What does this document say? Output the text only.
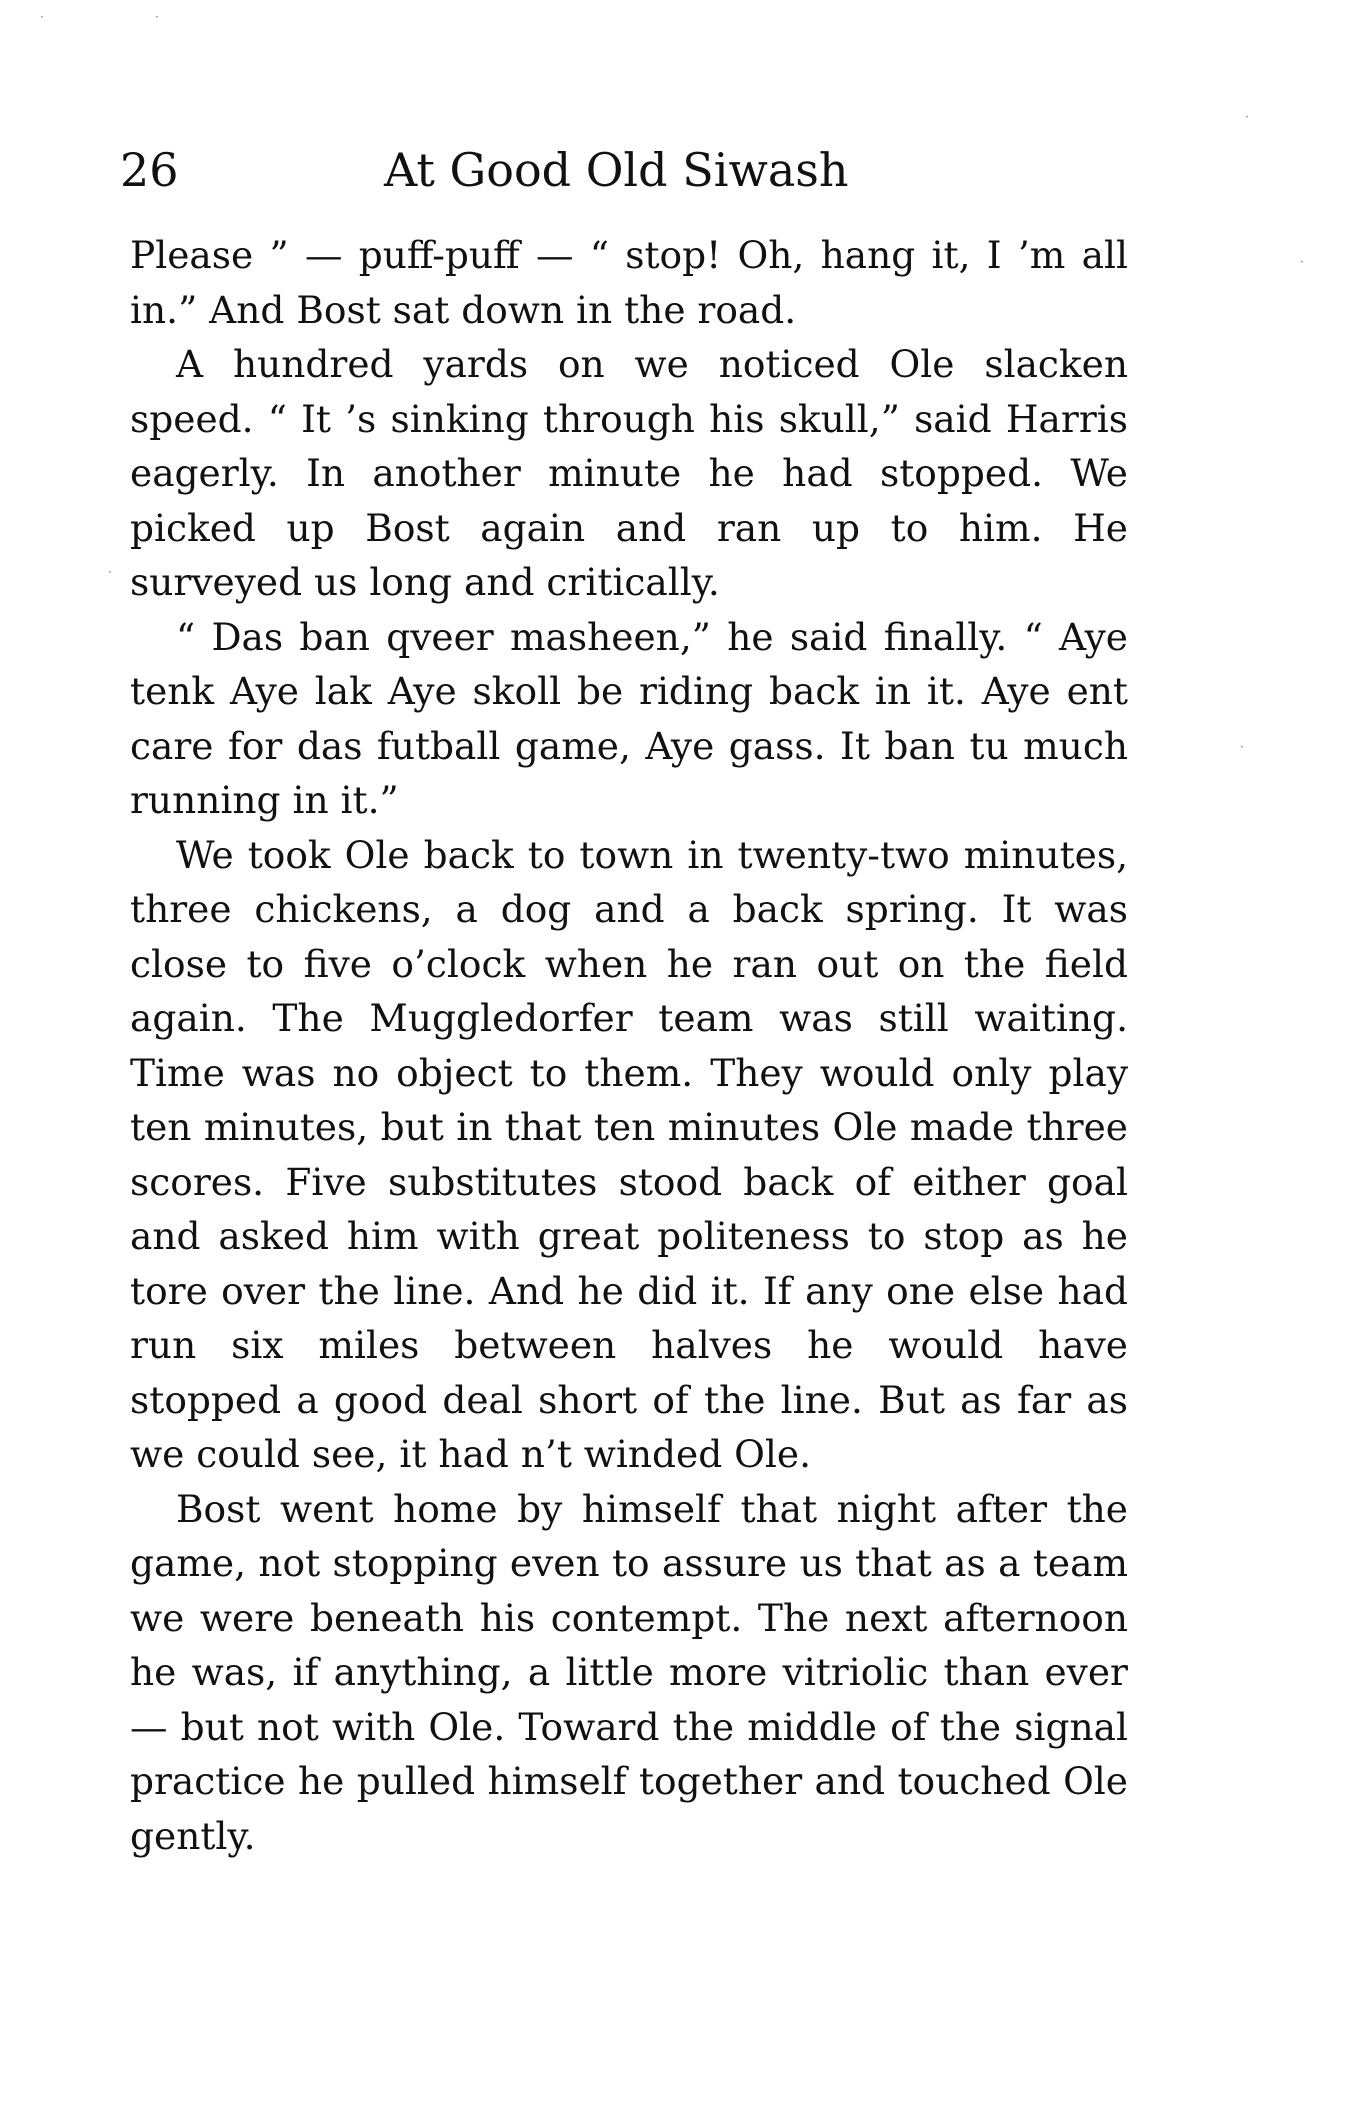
26	At Good Old Siwash

Please ” — puff-puff — “ stop! Oh, hang it, I ’m all in.” And Bost sat down in the road.

A hundred yards on we noticed Ole slacken speed. “ It ’s sinking through his skull,” said Harris eagerly. In another minute he had stopped. We picked up Bost again and ran up to him. He surveyed us long and critically.

“ Das ban qveer masheen,” he said finally. “ Aye tenk Aye lak Aye skoll be riding back in it. Aye ent care for das futball game, Aye gass. It ban tu much running in it.”

We took Ole back to town in twenty-two minutes, three chickens, a dog and a back spring. It was close to five o’clock when he ran out on the field again. The Muggledorfer team was still waiting. Time was no object to them. They would only play ten minutes, but in that ten minutes Ole made three scores. Five substitutes stood back of either goal and asked him with great politeness to stop as he tore over the line. And he did it. If any one else had run six miles between halves he would have stopped a good deal short of the line. But as far as we could see, it had n’t winded Ole.

Bost went home by himself that night after the game, not stopping even to assure us that as a team we were beneath his contempt. The next afternoon he was, if anything, a little more vitriolic than ever — but not with Ole. Toward the middle of the signal practice he pulled himself together and touched Ole gently.

·	·
·
·
·
·
